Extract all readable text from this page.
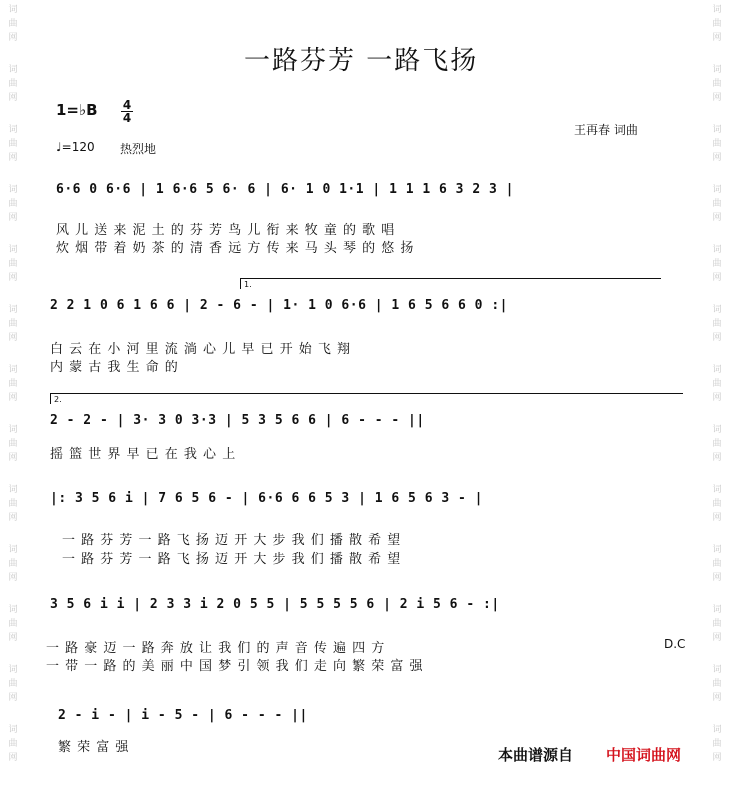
词
曲
网
词
曲
网
词
曲
网
词
曲
网
词
曲
网
词
曲
网
词
曲
网
词
曲
网
词
曲
网
词
曲
网
词
曲
网
词
曲
网
词
曲
网
词
曲
网
词
曲
网
词
曲
网
词
曲
网
词
曲
网
词
曲
网
词
曲
网
词
曲
网
词
曲
网
词
曲
网
词
曲
网
词
曲
网
词
曲
网
一路芬芳 一路飞扬
1=♭B 4
4
♩=120 热烈地
王再春 词曲
6·6 0 6·6 | 1 6·6 5 6· 6 | 6· 1 0 1·1 | 1 1 1 6 3 2 3 |
风 儿 送 来 泥 土 的 芬 芳 鸟 儿 衔 来 牧 童 的 歌 唱
炊 烟 带 着 奶 茶 的 清 香 远 方 传 来 马 头 琴 的 悠 扬
1.
2 2 1 0 6 1 6 6 | 2 - 6 - | 1· 1 0 6·6 | 1 6 5 6 6 0 :|
白 云 在 小 河 里 流 淌 心 儿 早 已 开 始 飞 翔
内 蒙 古 我 生 命 的
2.
2 - 2 - | 3· 3 0 3·3 | 5 3 5 6 6 | 6 - - - ||
摇 篮 世 界 早 已 在 我 心 上
|: 3 5 6 i | 7 6 5 6 - | 6·6 6 6 5 3 | 1 6 5 6 3 - |
一 路 芬 芳 一 路 飞 扬 迈 开 大 步 我 们 播 散 希 望
一 路 芬 芳 一 路 飞 扬 迈 开 大 步 我 们 播 散 希 望
3 5 6 i i | 2 3 3 i 2 0 5 5 | 5 5 5 5 6 | 2 i 5 6 - :|
一 路 豪 迈 一 路 奔 放 让 我 们 的 声 音 传 遍 四 方
一 带 一 路 的 美 丽 中 国 梦 引 领 我 们 走 向 繁 荣 富 强
D.C
2 - i - | i - 5 - | 6 - - - ||
繁 荣 富 强	本曲谱源自 中国词曲网
